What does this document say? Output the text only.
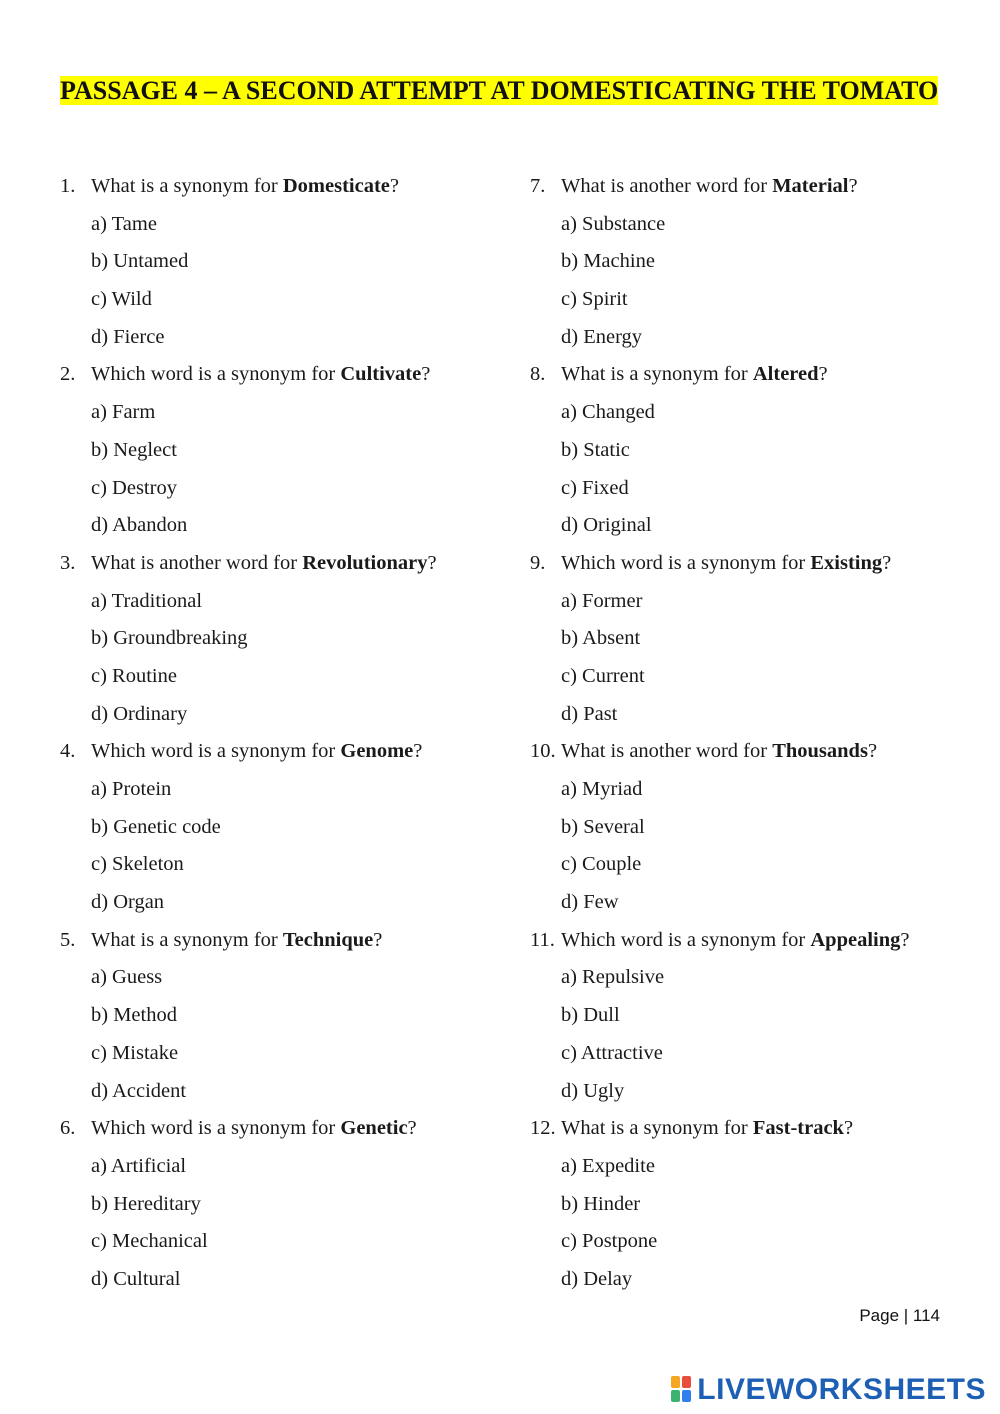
PASSAGE 4 – A SECOND ATTEMPT AT DOMESTICATING THE TOMATO
1. What is a synonym for Domesticate?
a) Tame
b) Untamed
c) Wild
d) Fierce
2. Which word is a synonym for Cultivate?
a) Farm
b) Neglect
c) Destroy
d) Abandon
3. What is another word for Revolutionary?
a) Traditional
b) Groundbreaking
c) Routine
d) Ordinary
4. Which word is a synonym for Genome?
a) Protein
b) Genetic code
c) Skeleton
d) Organ
5. What is a synonym for Technique?
a) Guess
b) Method
c) Mistake
d) Accident
6. Which word is a synonym for Genetic?
a) Artificial
b) Hereditary
c) Mechanical
d) Cultural
7. What is another word for Material?
a) Substance
b) Machine
c) Spirit
d) Energy
8. What is a synonym for Altered?
a) Changed
b) Static
c) Fixed
d) Original
9. Which word is a synonym for Existing?
a) Former
b) Absent
c) Current
d) Past
10. What is another word for Thousands?
a) Myriad
b) Several
c) Couple
d) Few
11. Which word is a synonym for Appealing?
a) Repulsive
b) Dull
c) Attractive
d) Ugly
12. What is a synonym for Fast-track?
a) Expedite
b) Hinder
c) Postpone
d) Delay
Page | 114
LIVEWORKSHEETS
